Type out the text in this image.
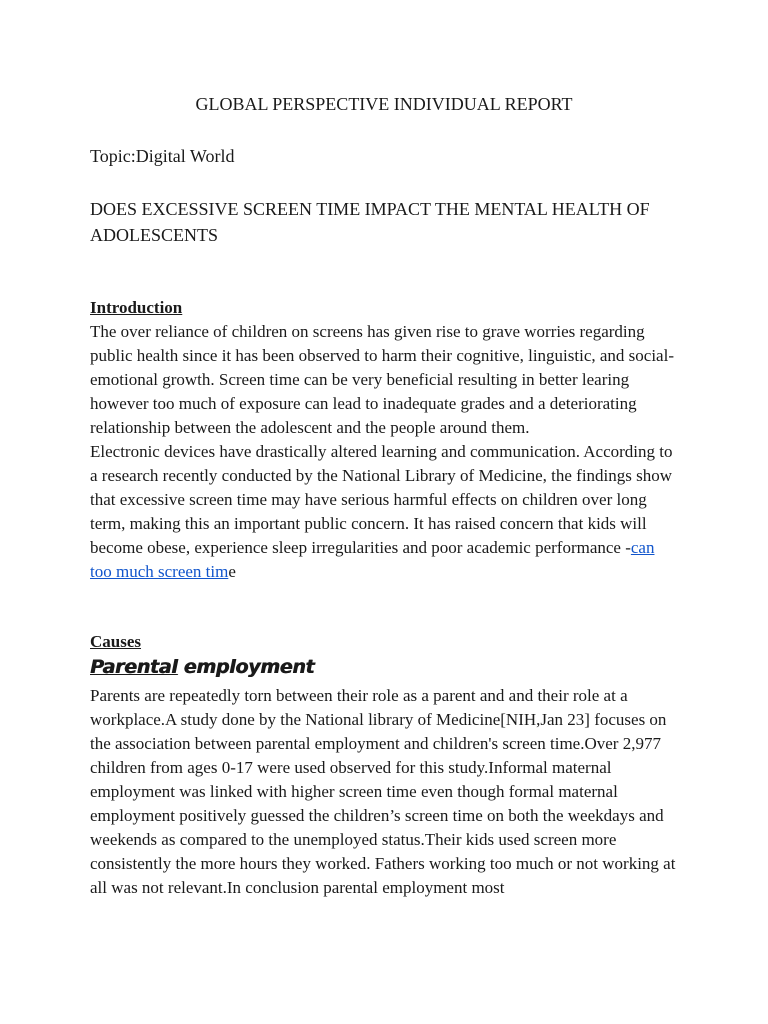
GLOBAL PERSPECTIVE INDIVIDUAL REPORT
Topic:Digital World
DOES EXCESSIVE SCREEN TIME IMPACT THE MENTAL HEALTH OF ADOLESCENTS
Introduction

The over reliance of children on screens has given rise to grave worries regarding public health since it has been observed to harm their cognitive, linguistic, and social-emotional growth. Screen time can be very beneficial resulting in better learing however too much of exposure can lead to inadequate grades and a deteriorating relationship between the adolescent and the people around them.

Electronic devices have drastically altered learning and communication. According to a research recently conducted by the National Library of Medicine, the findings show that excessive screen time may have serious harmful effects on children over long term, making this an important public concern. It has raised concern that kids will become obese, experience sleep irregularities and poor academic performance -can too much screen time

Causes
Parental employment

Parents are repeatedly torn between their role as a parent and and their role at a workplace.A study done by the National library of Medicine[NIH,Jan 23] focuses on the association between parental employment and children's screen time.Over 2,977 children from ages 0-17 were used observed for this study.Informal maternal employment was linked with higher screen time even though formal maternal employment positively guessed the children’s screen time on both the weekdays and weekends as compared to the unemployed status.Their kids used screen more consistently the more hours they worked. Fathers working too much or not working at all was not relevant.In conclusion parental employment most
